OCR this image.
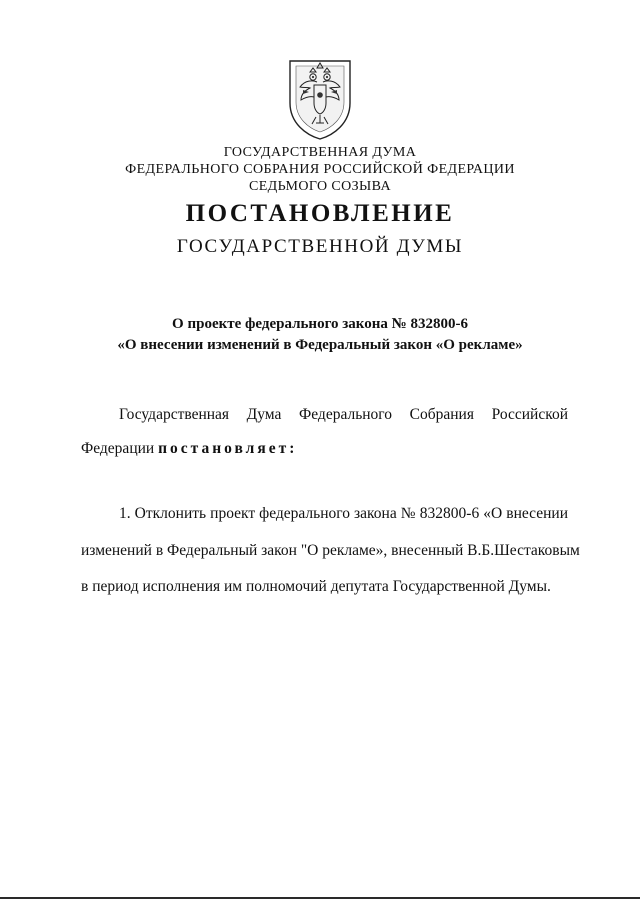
ГОСУДАРСТВЕННАЯ ДУМА
ФЕДЕРАЛЬНОГО СОБРАНИЯ РОССИЙСКОЙ ФЕДЕРАЦИИ
СЕДЬМОГО СОЗЫВА
ПОСТАНОВЛЕНИЕ
ГОСУДАРСТВЕННОЙ ДУМЫ
О проекте федерального закона № 832800-6
«О внесении изменений в Федеральный закон «О рекламе»
Государственная Дума Федерального Собрания Российской
Федерации постановляет:
1. Отклонить проект федерального закона № 832800-6 «О внесении
изменений в Федеральный закон "О рекламе», внесенный В.Б.Шестаковым
в период исполнения им полномочий депутата Государственной Думы.
